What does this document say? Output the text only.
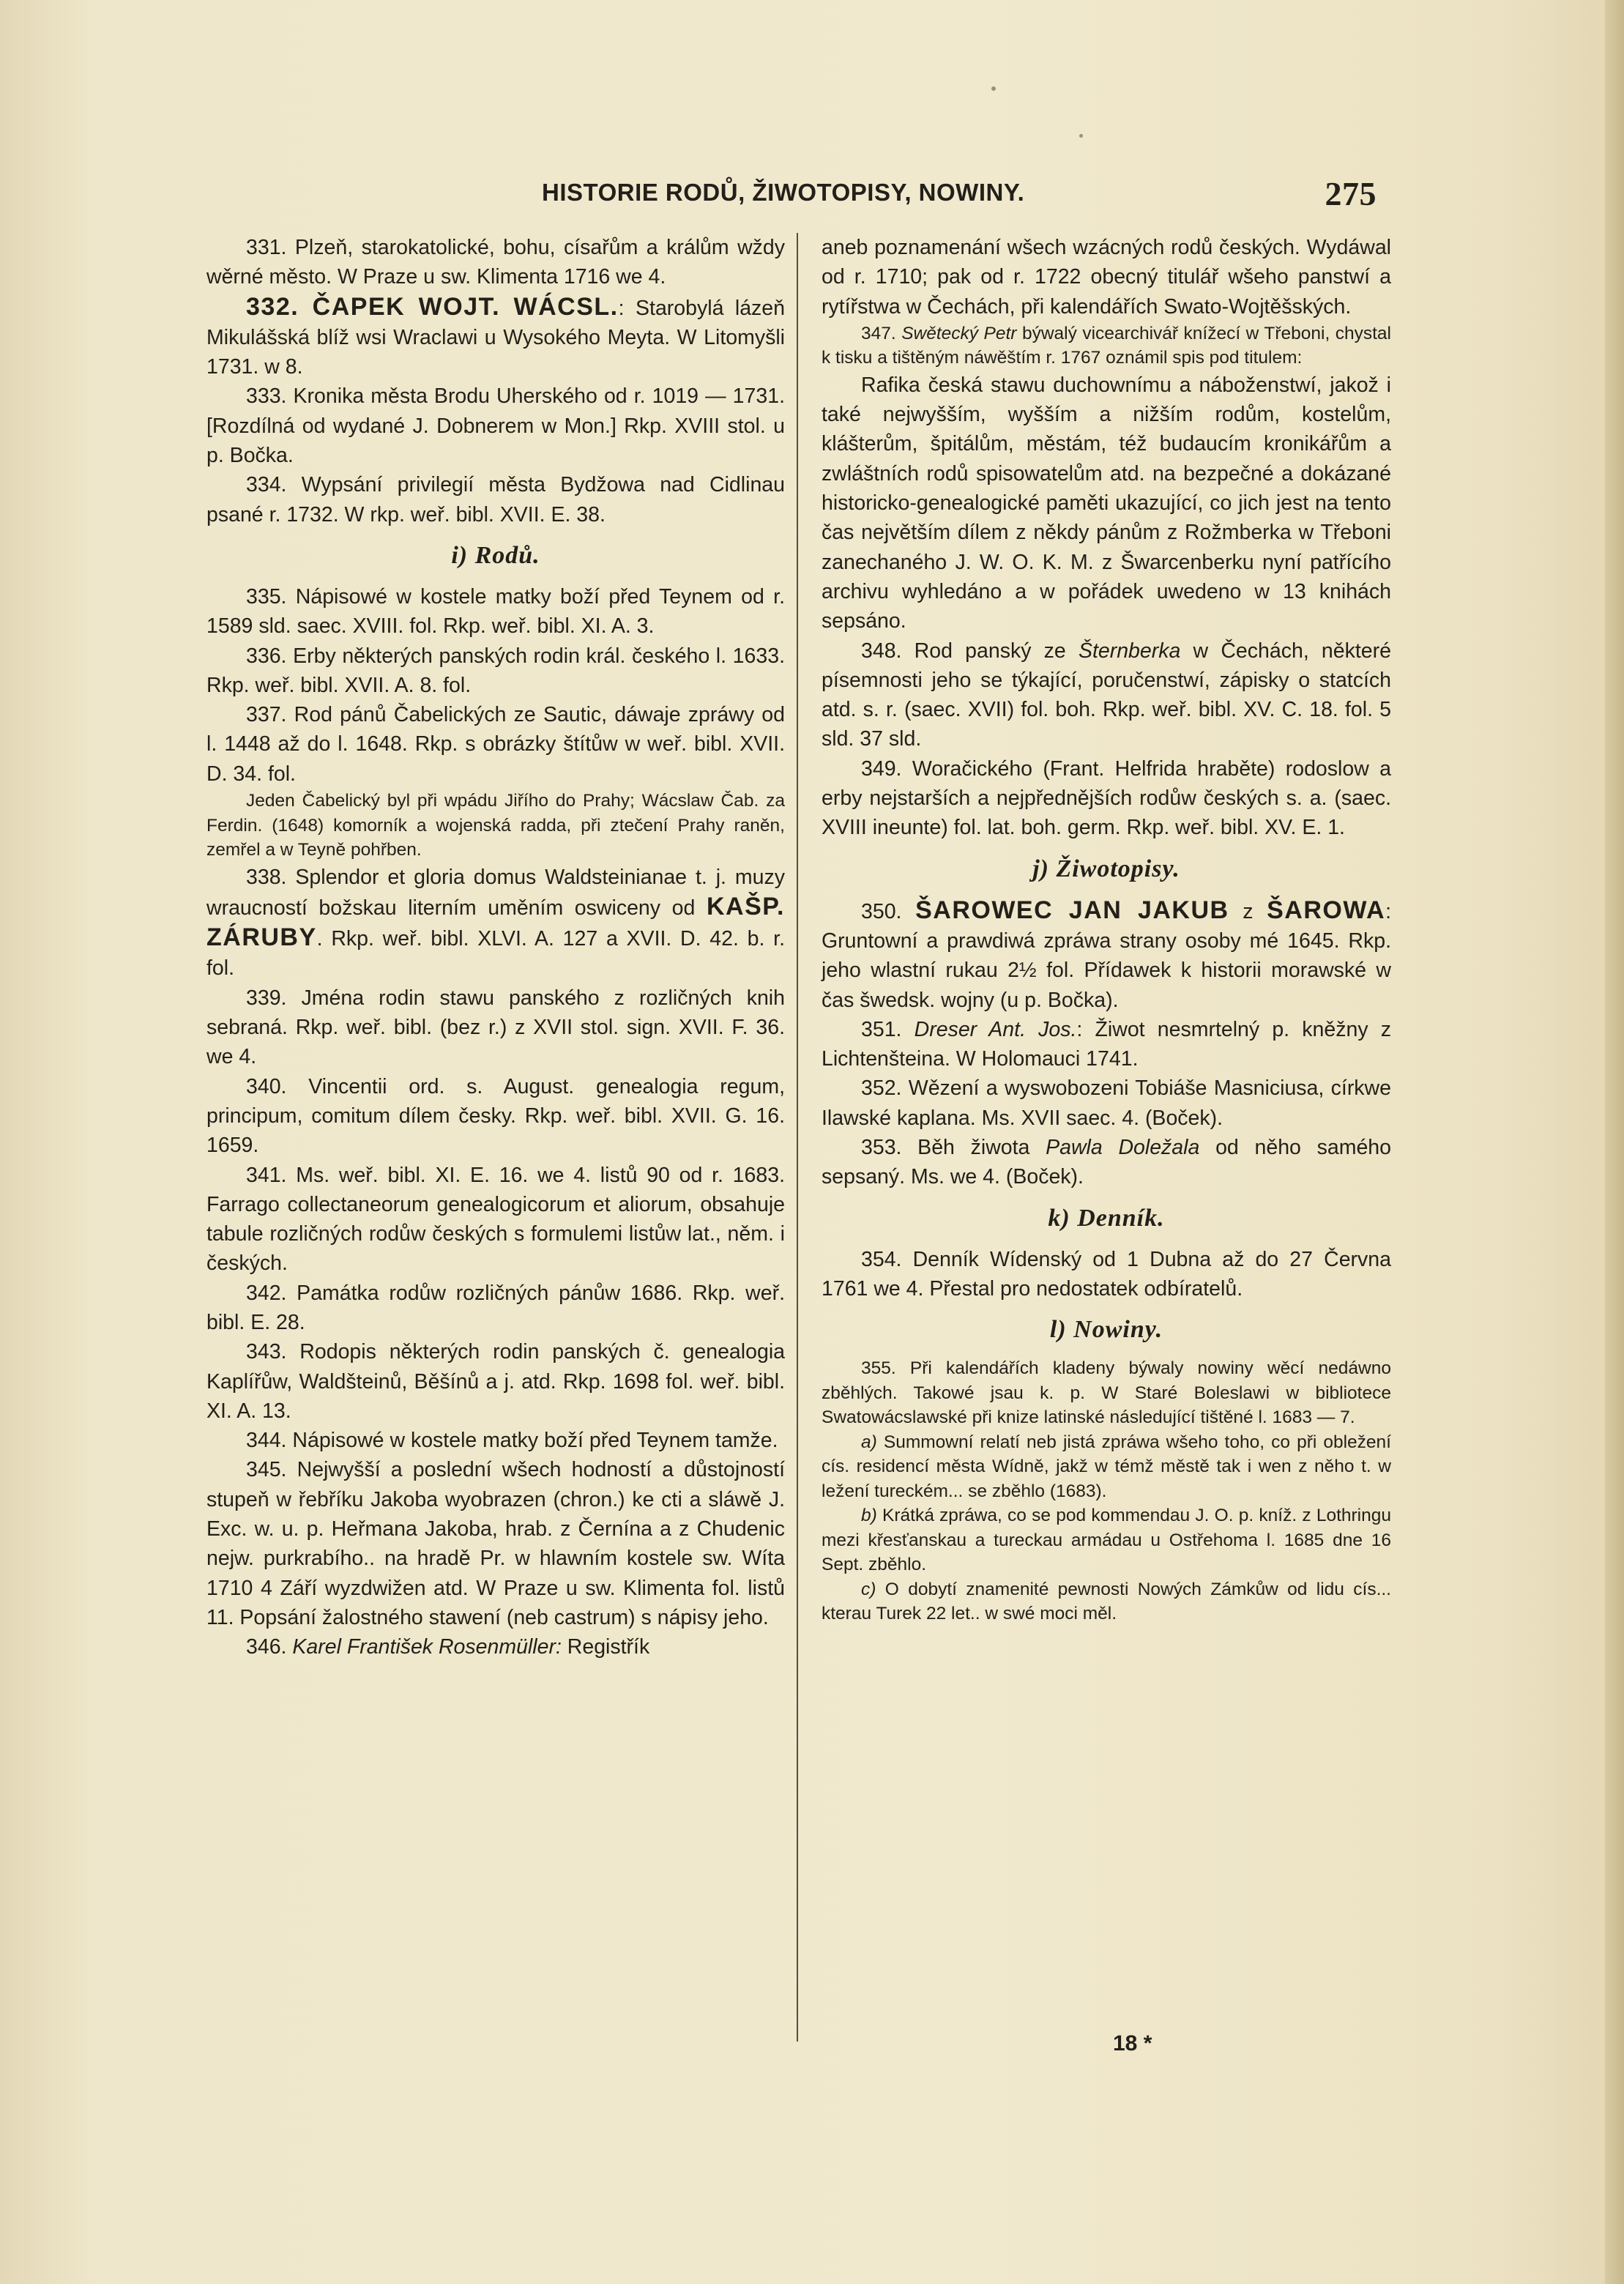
HISTORIE RODŮ, ŽIWOTOPISY, NOWINY.	275

331. Plzeň, starokatolické, bohu, císařům a králům wždy wěrné město. W Praze u sw. Klimenta 1716 we 4.

332. ČAPEK WOJT. WÁCSL.: Starobylá lázeň Mikulášská blíž wsi Wraclawi u Wysokého Meyta. W Litomyšli 1731. w 8.

333. Kronika města Brodu Uherského od r. 1019 — 1731. [Rozdílná od wydané J. Dobnerem w Mon.] Rkp. XVIII stol. u p. Bočka.

334. Wypsání privilegií města Bydžowa nad Cidlinau psané r. 1732. W rkp. weř. bibl. XVII. E. 38.

i) Rodů.

335. Nápisowé w kostele matky boží před Teynem od r. 1589 sld. saec. XVIII. fol. Rkp. weř. bibl. XI. A. 3.

336. Erby některých panských rodin král. českého l. 1633. Rkp. weř. bibl. XVII. A. 8. fol.

337. Rod pánů Čabelických ze Sautic, dáwaje zpráwy od l. 1448 až do l. 1648. Rkp. s obrázky štítůw w weř. bibl. XVII. D. 34. fol.

Jeden Čabelický byl při wpádu Jiřího do Prahy; Wácslaw Čab. za Ferdin. (1648) komorník a wojenská radda, při ztečení Prahy raněn, zemřel a w Teyně pohřben.

338. Splendor et gloria domus Waldsteinianae t. j. muzy wraucností božskau literním uměním oswiceny od KAŠP. ZÁRUBY. Rkp. weř. bibl. XLVI. A. 127 a XVII. D. 42. b. r. fol.

339. Jména rodin stawu panského z rozličných knih sebraná. Rkp. weř. bibl. (bez r.) z XVII stol. sign. XVII. F. 36. we 4.

340. Vincentii ord. s. August. genealogia regum, principum, comitum dílem česky. Rkp. weř. bibl. XVII. G. 16. 1659.

341. Ms. weř. bibl. XI. E. 16. we 4. listů 90 od r. 1683. Farrago collectaneorum genealogicorum et aliorum, obsahuje tabule rozličných rodůw českých s formulemi listůw lat., něm. i českých.

342. Památka rodůw rozličných pánůw 1686. Rkp. weř. bibl. E. 28.

343. Rodopis některých rodin panských č. genealogia Kaplířůw, Waldšteinů, Běšínů a j. atd. Rkp. 1698 fol. weř. bibl. XI. A. 13.

344. Nápisowé w kostele matky boží před Teynem tamže.

345. Nejwyšší a poslední wšech hodností a důstojností stupeň w řebříku Jakoba wyobrazen (chron.) ke cti a sláwě J. Exc. w. u. p. Heřmana Jakoba, hrab. z Černína a z Chudenic nejw. purkrabího.. na hradě Pr. w hlawním kostele sw. Wíta 1710 4 Září wyzdwižen atd. W Praze u sw. Klimenta fol. listů 11. Popsání žalostného stawení (neb castrum) s nápisy jeho.

346. Karel František Rosenmüller: Registřík

aneb poznamenání wšech wzácných rodů českých. Wydáwal od r. 1710; pak od r. 1722 obecný titulář wšeho panstwí a rytířstwa w Čechách, při kalendářích Swato-Wojtěšských.

347. Swětecký Petr býwalý vicearchivář knížecí w Třeboni, chystal k tisku a tištěným náwěštím r. 1767 oznámil spis pod titulem:

Rafika česká stawu duchownímu a náboženstwí, jakož i také nejwyšším, wyšším a nižším rodům, kostelům, klášterům, špitálům, městám, též budaucím kronikářům a zwláštních rodů spisowatelům atd. na bezpečné a dokázané historicko-genealogické paměti ukazující, co jich jest na tento čas největším dílem z někdy pánům z Rožmberka w Třeboni zanechaného J. W. O. K. M. z Šwarcenberku nyní patřícího archivu wyhledáno a w pořádek uwedeno w 13 knihách sepsáno.

348. Rod panský ze Šternberka w Čechách, některé písemnosti jeho se týkající, poručenstwí, zápisky o statcích atd. s. r. (saec. XVII) fol. boh. Rkp. weř. bibl. XV. C. 18. fol. 5 sld. 37 sld.

349. Woračického (Frant. Helfrida hraběte) rodoslow a erby nejstarších a nejpřednějších rodůw českých s. a. (saec. XVIII ineunte) fol. lat. boh. germ. Rkp. weř. bibl. XV. E. 1.

j) Žiwotopisy.

350. ŠAROWEC JAN JAKUB z ŠAROWA: Gruntowní a prawdiwá zpráwa strany osoby mé 1645. Rkp. jeho wlastní rukau 2½ fol. Přídawek k historii morawské w čas šwedsk. wojny (u p. Bočka).

351. Dreser Ant. Jos.: Žiwot nesmrtelný p. kněžny z Lichtenšteina. W Holomauci 1741.

352. Wězení a wyswobozeni Tobiáše Masniciusa, církwe Ilawské kaplana. Ms. XVII saec. 4. (Boček).

353. Běh žiwota Pawla Doležala od něho samého sepsaný. Ms. we 4. (Boček).

k) Denník.

354. Denník Wídenský od 1 Dubna až do 27 Června 1761 we 4. Přestal pro nedostatek odbíratelů.

l) Nowiny.

355. Při kalendářích kladeny býwaly nowiny wěcí nedáwno zběhlých. Takowé jsau k. p. W Staré Boleslawi w bibliotece Swatowácslawské při knize latinské následující tištěné l. 1683 — 7.

a) Summowní relatí neb jistá zpráwa wšeho toho, co při obležení cís. residencí města Wídně, jakž w témž městě tak i wen z něho t. w ležení tureckém... se zběhlo (1683).

b) Krátká zpráwa, co se pod kommendau J. O. p. kníž. z Lothringu mezi křesťanskau a tureckau armádau u Ostřehoma l. 1685 dne 16 Sept. zběhlo.

c) O dobytí znamenité pewnosti Nowých Zámkůw od lidu cís... kterau Turek 22 let.. w swé moci měl.

18 *
